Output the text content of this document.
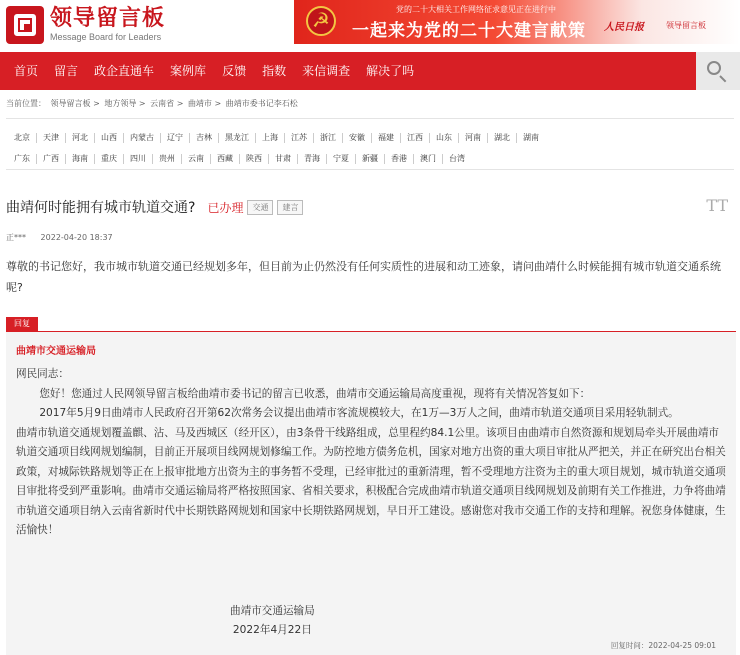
领导留言板
Message Board for Leaders
☭
党的二十大相关工作网络征求意见正在进行中
一起来为党的二十大建言献策 人民日报	领导留言板
首页	留言	政企直通车	案例库	反馈	指数	来信调查	解决了吗
当前位置： 领导留言板 > 地方领导 > 云南省 > 曲靖市 > 曲靖市委书记李石松
北京	天津	河北	山西	内蒙古	辽宁	吉林	黑龙江	上海	江苏	浙江	安徽	福建	江西	山东	河南	湖北	湖南
广东	广西	海南	重庆	四川	贵州	云南	西藏	陕西	甘肃	青海	宁夏	新疆	香港	澳门	台湾
曲靖何时能拥有城市轨道交通? 已办理	交通	建言	TT
正*** 2022-04-20 18:37
尊敬的书记您好，我市城市轨道交通已经规划多年，但目前为止仍然没有任何实质性的进展和动工迹象，请问曲靖什么时候能拥有城市轨道交通系统呢?
回复
曲靖市交通运输局

网民同志：

您好！您通过人民网领导留言板给曲靖市委书记的留言已收悉，曲靖市交通运输局高度重视，现将有关情况答复如下：

2017年5月9日曲靖市人民政府召开第62次常务会议提出曲靖市客流规模较大，在1万—3万人之间，曲靖市轨道交通项目采用轻轨制式。

曲靖市轨道交通规划覆盖麒、沾、马及西城区（经开区），由3条骨干线路组成，总里程约84.1公里。该项目由曲靖市自然资源和规划局牵头开展曲靖市轨道交通项目线网规划编制，目前正开展项目线网规划修编工作。为防控地方债务危机，国家对地方出资的重大项目审批从严把关，并正在研究出台相关政策，对城际铁路规划等正在上报审批地方出资为主的事务暂不受理，已经审批过的重新清理，暂不受理地方注资为主的重大项目规划，城市轨道交通项目审批将受到严重影响。曲靖市交通运输局将严格按照国家、省相关要求，积极配合完成曲靖市轨道交通项目线网规划及前期有关工作推进，力争将曲靖市轨道交通项目纳入云南省新时代中长期铁路网规划和国家中长期铁路网规划，早日开工建设。感谢您对我市交通工作的支持和理解。祝您身体健康，生活愉快！

曲靖市交通运输局
2022年4月22日
回复时间：2022-04-25 09:01
